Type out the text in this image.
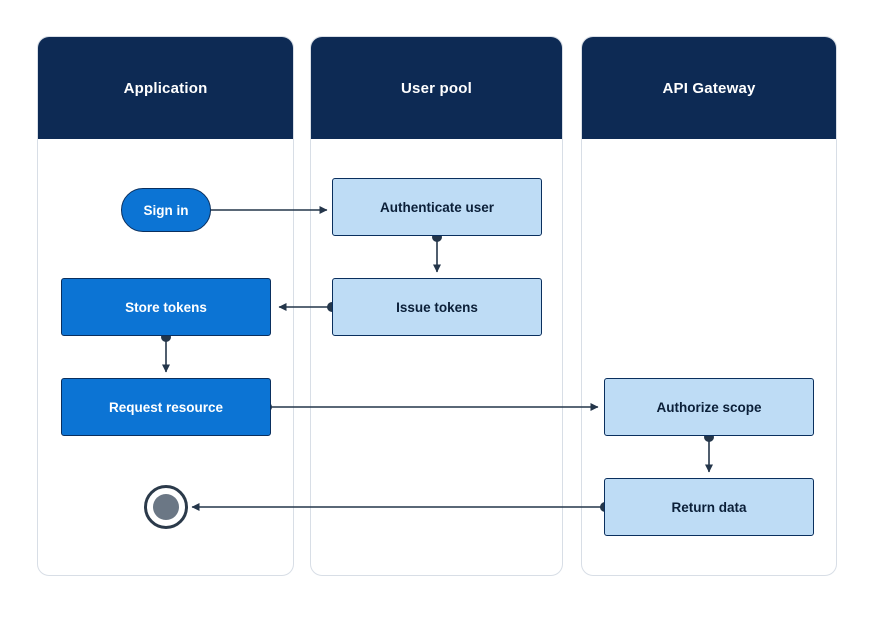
Application	User pool	API Gateway
Sign in	Authenticate user
Issue tokens
Store tokens
Request resource	Authorize scope
Return data
